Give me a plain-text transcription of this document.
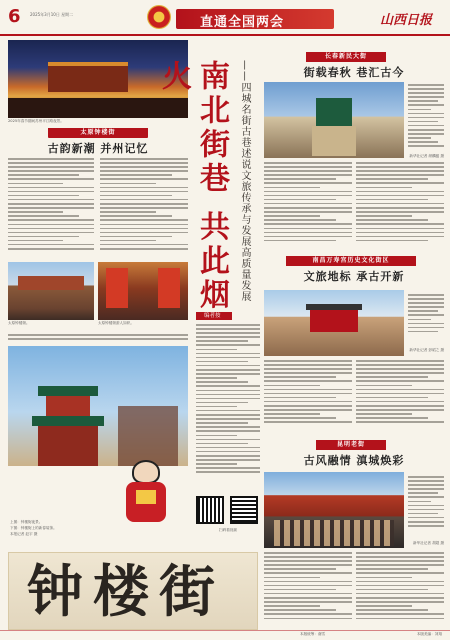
6 2025年3月10日 星期二
直通全国两会	山西日报
2025年春节期间苏州平江路夜景。
太原钟楼街
古韵新潮 并州记忆
太原钟楼街。	太原钟楼街游人如织。
上图：钟楼街夜景。
下图：钟楼街上的新春装饰。
本报记者 赵宇 摄
钟楼街
南北街巷 共此烟火	——四城名街古巷述说文旅传承与发展高质量发展
编者按
扫码看视频
长春新民大街
街载春秋 巷汇古今
新华社记者 颜麟蕴 摄
南昌万寿宫历史文化街区
文旅地标 承古开新
新华社记者 彭昭之 摄
昆明老街
古风融情 滇城焕彩
新华社记者 胡超 摄
本版统筹：谢雪	本版美编：刘翔
